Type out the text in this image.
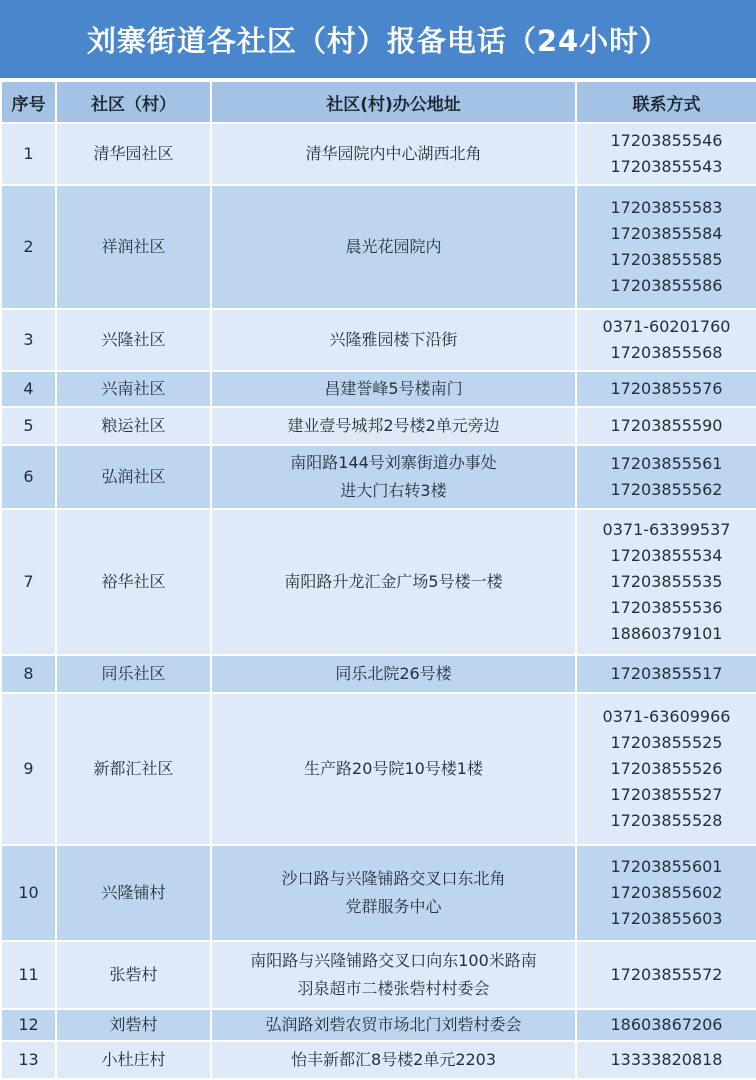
刘寨街道各社区（村）报备电话（24小时）
序号	社区（村）	社区(村)办公地址	联系方式
1	清华园社区	清华园院内中心湖西北角	17203855546
17203855543

2	祥润社区	晨光花园院内	17203855583
17203855584
17203855585
17203855586

3	兴隆社区	兴隆雅园楼下沿街	0371-60201760
17203855568

4	兴南社区	昌建誉峰5号楼南门	17203855576

5	粮运社区	建业壹号城邦2号楼2单元旁边	17203855590

6	弘润社区	南阳路144号刘寨街道办事处
进大门右转3楼	17203855561
17203855562

7	裕华社区	南阳路升龙汇金广场5号楼一楼	0371-63399537
17203855534
17203855535
17203855536
18860379101

8	同乐社区	同乐北院26号楼	17203855517

9	新都汇社区	生产路20号院10号楼1楼	0371-63609966
17203855525
17203855526
17203855527
17203855528

10	兴隆铺村	沙口路与兴隆铺路交叉口东北角
党群服务中心	17203855601
17203855602
17203855603

11	张砦村	南阳路与兴隆铺路交叉口向东100米路南
羽泉超市二楼张砦村村委会	17203855572

12	刘砦村	弘润路刘砦农贸市场北门刘砦村委会	18603867206

13	小杜庄村	怡丰新都汇8号楼2单元2203	13333820818
